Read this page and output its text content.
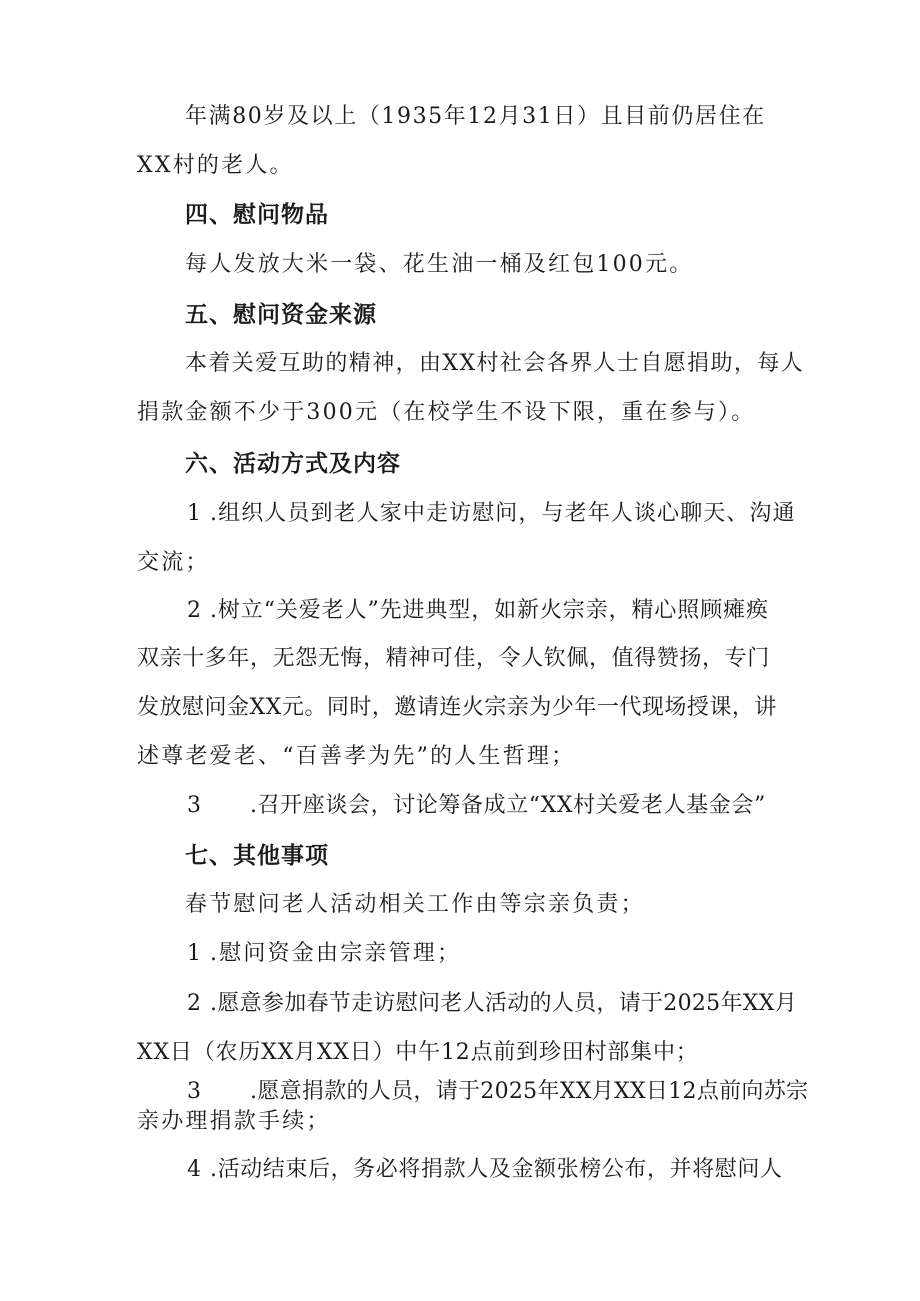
年满80岁及以上（1935年12月31日）且目前仍居住在
XX村的老人。
四、慰问物品
每人发放大米一袋、花生油一桶及红包100元。
五、慰问资金来源
本着关爱互助的精神，由XX村社会各界人士自愿捐助，每人
捐款金额不少于300元（在校学生不设下限，重在参与）。
六、活动方式及内容
1 .组织人员到老人家中走访慰问，与老年人谈心聊天、沟通
交流；
2 .树立“关爱老人”先进典型，如新火宗亲，精心照顾瘫痪
双亲十多年，无怨无悔，精神可佳，令人钦佩，值得赞扬，专门
发放慰问金XX元。同时，邀请连火宗亲为少年一代现场授课，讲
述尊老爱老、“百善孝为先”的人生哲理；
3 .召开座谈会，讨论筹备成立“XX村关爱老人基金会”
七、其他事项
春节慰问老人活动相关工作由等宗亲负责；
1 .慰问资金由宗亲管理；
2 .愿意参加春节走访慰问老人活动的人员，请于2025年XX月
XX日（农历XX月XX日）中午12点前到珍田村部集中；
3 .愿意捐款的人员，请于2025年XX月XX日12点前向苏宗
亲办理捐款手续；
4 .活动结束后，务必将捐款人及金额张榜公布，并将慰问人
